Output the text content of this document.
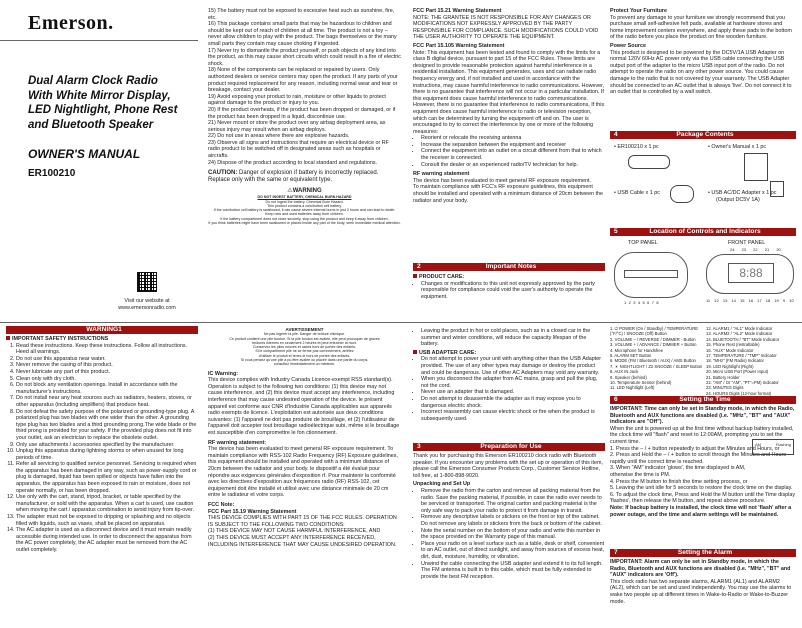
Emerson.
Dual Alarm Clock Radio
With White Mirror Display,
LED Nightlight, Phone Rest
and Bluetooth Speaker
OWNER'S MANUAL
ER100210
Visit our website at
www.emersonradio.com
15) The battery must not be exposed to excessive heat such as sunshine, fire, etc.
16) This package contains small parts that may be hazardous to children and should be kept out of reach of children at all time. The product is not a toy – never allow children to play with the product. The bags themselves or the many small parts they contain may cause choking if ingested.
17) Never try to dismantle the product yourself, or push objects of any kind into the product, as this may cause short circuits which could result in a fire of electric shock.
18) None of the components can be replaced or repaired by users. Only authorized dealers or service centers may open the product. If any parts of your product required replacement for any reason, including normal wear and tear or breakage, contact your dealer.
19) Avoid exposing your product to rain, moisture or other liquids to protect against damage to the product or injury to you.
20) If the product overheats, if the product has been dropped or damaged, or if the product has been dropped in a liquid, discontinue use.
21) Never mount or store the product over any airbag deployment area, as serious injury may result when an airbag deploys.
22) Do not use in areas where there are explosive hazards.
23) Observe all signs and instructions that require an electrical device or RF radio product to be switched off in designated areas such as hospitals or aircrafts.
24) Dispose of the product according to local standard and regulations.
CAUTION: Danger of explosion if battery is incorrectly replaced. Replace only with the same or equivalent type.
⚠WARNING
DO NOT INGEST BATTERY, CHEMICAL BURN HAZARD
Do not ingest the battery. Chemical Burn Hazard.
This product contains a coin/button cell battery.
If the coin/button cell battery is swallowed, it can cause severe internal burns in just 2 hours and can lead to death.
Keep new and used batteries away from children.
If the battery compartment does not close securely, stop using the product and keep it away from children.
If you think batteries might have been swallowed or placed inside any part of the body, seek immediate medical attention.
FCC Part 15.21 Warning Statement
NOTE: THE GRANTEE IS NOT RESPONSIBLE FOR ANY CHANGES OR MODIFICATIONS NOT EXPRESSLY APPROVED BY THE PARTY RESPONSIBLE FOR COMPLIANCE. SUCH MODIFICATIONS COULD VOID THE USER AUTHORITY TO OPERATE THE EQUIPMENT.
FCC Part 15.105 Warning Statement
Note: This equipment has been tested and found to comply with the limits for a class B digital device, pursuant to part 15 of the FCC Rules. These limits are designed to provide reasonable protection against harmful interference in a residential installation. This equipment generates, uses and can radiate radio frequency energy and, if not installed and used in accordance with the instructions, may cause harmful interference to radio communications. However, there is no guarantee that interference will not occur in a particular installation. If this equipment does cause harmful interference to radio communications. However, there is no guarantee that interference to radio communications, If this equipment does cause harmful interference to radio or television reception, which can be determined by turning the equipment off and on. The user is encouraged to try to correct the interference by one or more of the following measures:
• Reorient or relocate the receiving antenna
• Increase the separation between the equipment and receiver
• Connect the equipment into an outlet on a circuit different from that to which the receiver is connected.
• Consult the dealer or an experienced radio/TV technician for help.
RF warning statement
The device has been evaluated to meet general RF exposure requirement.
To maintain compliance with FCC's RF exposure guidelines, this equipment should be installed and operated with a minimum distance of 20cm between the radiator and your body.
2	Important Notes
PRODUCT CARE:
• Changes or modifications to this unit not expressly approved by the party responsible for compliance could void the user's authority to operate the equipment.
Protect Your Furniture
To prevent any damage to your furniture we strongly recommend that you purchase small self-adhesive felt pads, available at hardware stores and home improvement centers everywhere, and apply these pads to the bottom of the radio before you place the product on fine wooden furniture.
Power Source
This product is designed to be powered by the DC5V/1A USB Adapter on normal 120V 60Hz AC power only via the USB cable connecting the USB output port of the adapter to the micro USB input port of the radio. Do not attempt to operate the radio on any other power source. You could cause damage to the radio that is not covered by your warranty. The USB Adapter should be connected to an AC outlet that is always 'live'. Do not connect it to an outlet that is controlled by a wall switch.
4	Package Contents
• ER100210 x 1 pc	• Owner's Manual x 1 pc
• USB Cable x 1 pc	• USB AC/DC Adapter x 1 pc
(Output DC5V 1A)
5	Location of Controls and Indicators
TOP PANEL	FRONT PANEL
12345678
8:88
24 23 22 21 20
11 12 13 14 15 16 17 18 19 9 10
WARNING1
IMPORTANT SAFETY INSTRUCTIONS
1. Read these instructions. Keep these instructions. Follow all instructions. Heed all warnings.
2. Do not use this apparatus near water.
3. Never remove the casing of this product.
4. Never lubricate any part of this product.
5. Clean only with dry cloth.
6. Do not block any ventilation openings. Install in accordance with the manufacturer's instructions.
7. Do not install near any heat sources such as radiators, heaters, stoves, or other apparatus (including amplifiers) that produce heat.
8. Do not defeat the safety purpose of the polarized or grounding-type plug. A polarized plug has two blades with one wider than the other. A grounding type plug has two blades and a third grounding prong.The wide blade or the third prong is provided for your safety. If the provided plug does not fit into your outlet, ask an electrician to replace the obsolete outlet.
9. Only use attachments / accessories specified by the manufacturer.
10. Unplug this apparatus during lightning storms or when unused for long periods of time.
11. Refer all servicing to qualified service personnel. Servicing is required when the apparatus has been damaged in any way, such as power-supply cord or plug is damaged, liquid has been spilled or objects have fallen into the apparatus, the apparatus has been exposed to rain or moisture, does not operate normally, or has been dropped.
12. Use only with the cart, stand, tripod, bracket, or table specified by the manufacturer, or sold with the apparatus. When a cart is used, use caution when moving the cart / apparatus combination to avoid injury from tip-over.
13. The adapter must not be exposed to dripping or splashing and no objects filled with liquids, such as vases, shall be placed on apparatus.
14. The AC adapter is used as a disconnect device and it must remain readily accessible during intended use. In order to disconnect the apparatus from the AC power completely, the AC adapter must be removed from the AC outlet completely.
AVERTISSEMENT
Ne pas ingérer la pile. Danger de brûlure chimique.
Ce produit contient une pile bouton. Si la pile bouton est avalée, elle peut provoquer de graves
brûlures internes en seulement 2 heures et peut entraîner la mort.
Conservez les piles neuves et usées hors de portée des enfants.
Si le compartiment pile ne se ferme pas correctement, arrêtez
d'utiliser le produit et tenez-le hors de portée des enfants.
Si vous pensez qu'une pile a pu être avalée ou placée dans une partie du corps,
consultez immédiatement un médecin.
IC Warning:
This device complies with Industry Canada Licence-exempt RSS standard(s). Operation is subject to the following two conditions: (1) this device may not cause interference, and (2) this device must accept any interference, including interference that may cause undesired operation of the device. le présent appareil est conforme aux CNR d'Industrie Canada applicables aux appareils radio exempts de licence. L'exploitation est autorisée aux deux conditions suivantes: (1) l'appareil ne doit pas produire de brouillage, et (2) l'utilisateur de l'appareil doit accepter tout brouillage radioélectrique subi, même si le brouillage est susceptible d'en compromettre le fon ctionnement.
RF warning statement:
The device has been evaluated to meet general RF exposure requirement. To maintain compliance with RSS-102 Radio Frequency (RF) Exposure guidelines, this equipment should be installed and operated with a minimum distance of 20cm between the radiator and your body. le dispositif a été évalué pour répondre aux exigences générales d'exposition rf. Pour maintenir la conformité avec les directives d'exposition aux fréquences radio (RF) RSS-102, cet équipement doit être installé et utilisé avec une distance minimale de 20 cm entre le radiateur et votre corps.
FCC Note:
FCC Part 15.19 Warning Statement
THIS DEVICE COMPLIES WITH PART 15 OF THE FCC RULES. OPERATION IS SUBJECT TO THE FOLLOWING TWO CONDITIONS:
(1) THIS DEVICE MAY NOT CAUSE HARMFUL INTERFERENCE, AND
(2) THIS DEVICE MUST ACCEPT ANY INTERFERENCE RECEIVED, INCLUDING INTERFERENCE THAT MAY CAUSE UNDESIRED OPERATION.
• Leaving the product in hot or cold places, such as in a closed car in the summer and winter conditions, will reduce the capacity lifespan of the battery.
USB ADAPTER CARE:
• Do not attempt to power your unit with anything other than the USB Adapter provided. The use of any other types may damage or destroy the product and could be dangerous. Use of other AC Adapters may void any warranty.
• When you disconnect the adapter from AC mains, grasp and pull the plug, not the cord.
• Never use an adapter that is damaged.
• Do not attempt to disassemble the adapter as it may expose you to dangerous electric shock.
• Incorrect reassembly can cause electric shock or fire when the product is subsequently used.
3	Preparation for Use
Thank you for purchasing this Emerson ER100210 clock radio with Bluetooth speaker. If you encounter any problems with the set up or operation of this item, please call the Emerson Consumer Products Corp., Customer Service Hotline, toll free, at 1-800-898-9020.
Unpacking and Set Up
• Remove the radio from the carton and remove all packing material from the radio. Save the packing material, if possible, in case the radio ever needs to be serviced or transported. The original carton and packing material is the only safe way to pack your radio to protect it from damage in transit.
• Remove any descriptive labels or stickers on the front or top of the cabinet. Do not remove any labels or stickers from the back or bottom of the cabinet.
• Note the serial number on the bottom of your radio and write this number in the space provided on the Warranty page of this manual.
• Place your radio on a level surface such as a table, desk or shelf, convenient to an AC outlet, out of direct sunlight, and away from sources of excess heat, dirt, dust, moisture, humidity, or vibration.
• Unwind the cable connecting the USB adapter and extend it to its full length. The FM antenna is built in to this cable, which must be fully extended to provide the best FM reception.
1. ⏻ POWER (On / Standby) / TEMPERATURE (°F/°C) / SNOOZE (Off) Button
2. VOLUME – / REVERSE / DIMMER - Button
3. VOLUME + / ADVANCE / DIMMER + Button
4. Microphone for Handsfree
5. ALARM SET Button
6. MODE (FM / Bluetooth / AUX) / AMS Button
7. ☀ NIGHTLIGHT / Z2 SNOOZE / SLEEP Button
8. AUX IN Jack
9. Speaker (behind)
10. Temperature Sensor (behind)
11. LED Nightlight (Left)
12. ALARM1 / "AL1" Mode Indicator
13. ALARM2 / "AL2" Mode Indicator
14. BLUETOOTH / "BT" Mode Indicator
15. Phone Rest (restraltable)
16. "AUX" Mode Indicator
17. TEMPERATURE / "TMP" Indicator
18. "MHz" (FM Radio) Indicator
19. LED Nightlight (Right)
20. Micro USB Port (Power Input)
21. Battery Holder
22. "AM" / Or "AM", "PT"=PM) Indicator
23. MINUTES Digits
24. HOURS Digits (12-hour format)
6	Setting the Time
IMPORTANT: Time can only be set in Standby mode, in which the Radio, Bluetooth and AUX functions are disabled (i.e. "MHz", "BT" and "AUX" indicators are "Off").
When the unit is powered up at the first time without backup battery installed, the clock time will "flash" and reset to 12:00AM, prompting you to set the current time.
1. Press the – / + button repeatedly to adjust the Minutes and Hours, or
2. Press and Hold the – / + button to scroll through the Minutes and Hours rapidly until the correct time is reached.
3. When "AM" indicator 'glows', the time displayed is AM, otherwise the time is PM.
4. Press the M button to finish the time setting process, or
5. Leaving the unit idle for 5 seconds to restore the clock time on the display.
6. To adjust the clock time, Press and Hold the M button until the Time display 'flashes', then release the M button, and repeat above procedure.
Note: If backup battery is installed, the clock time will not 'flash' after a power outage, and the time and alarm settings will be maintained.
AM	Flashing
7	Setting the Alarm
IMPORTANT: Alarm can only be set in Standby mode, in which the Radio, Bluetooth and AUX functions are disabled (i.e. "MHz", "BT" and "AUX" indicators are 'Off').
This clock radio has two separate alarms, ALARM1 (AL1) and ALARM2 (AL2), which can be set and used independently. You may use the alarms to wake two people up at different times in Wake-to-Radio or Wake-to-Buzzer mode.
